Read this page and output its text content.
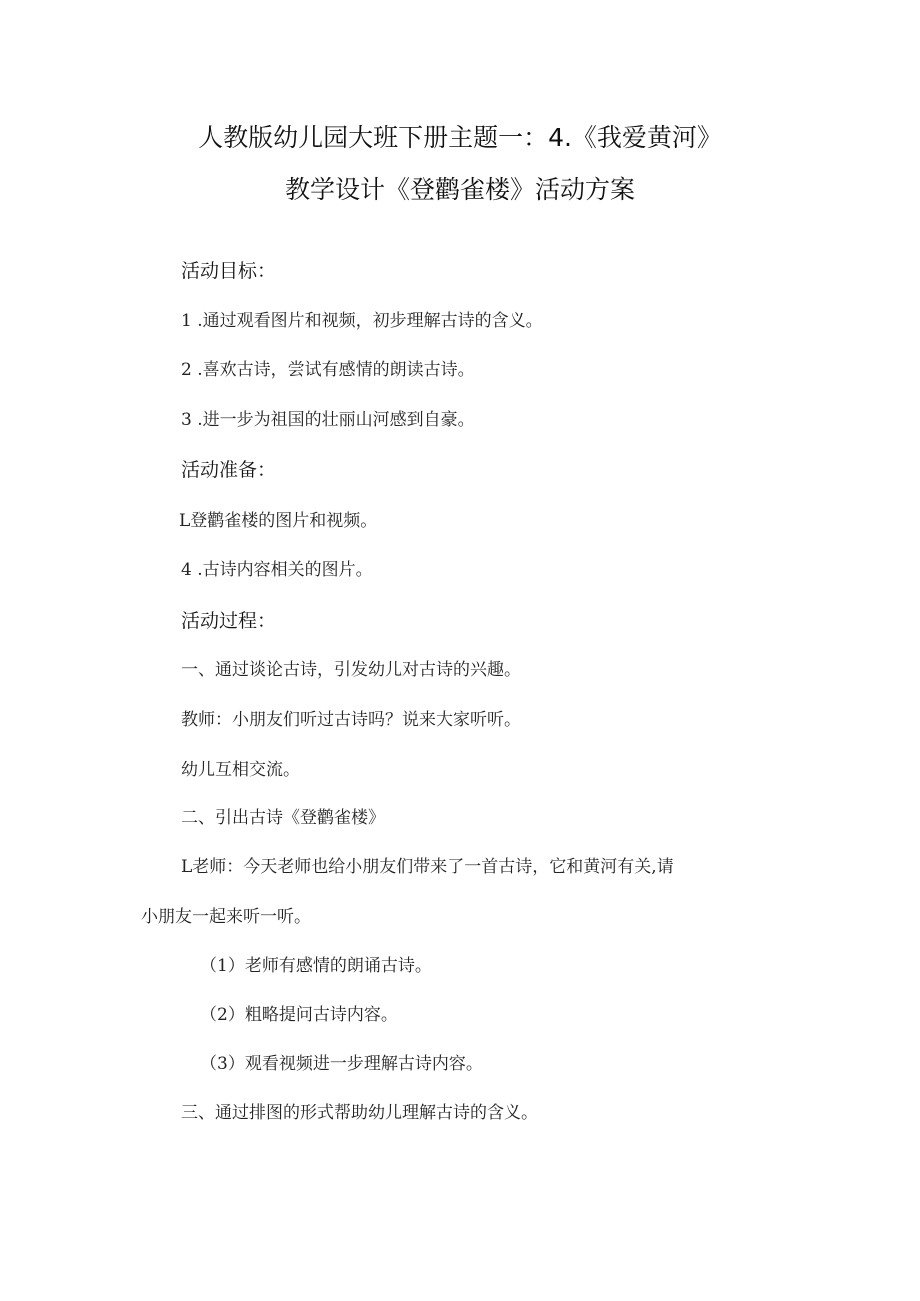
人教版幼儿园大班下册主题一：4.《我爱黄河》
教学设计《登鹳雀楼》活动方案
活动目标：
1 .通过观看图片和视频，初步理解古诗的含义。
2 .喜欢古诗，尝试有感情的朗读古诗。
3 .进一步为祖国的壮丽山河感到自豪。
活动准备：
L登鹳雀楼的图片和视频。
4 .古诗内容相关的图片。
活动过程：
一、通过谈论古诗，引发幼儿对古诗的兴趣。
教师：小朋友们听过古诗吗？说来大家听听。
幼儿互相交流。
二、引出古诗《登鹳雀楼》
L老师：今天老师也给小朋友们带来了一首古诗，它和黄河有关,请
小朋友一起来听一听。
（1）老师有感情的朗诵古诗。
（2）粗略提问古诗内容。
（3）观看视频进一步理解古诗内容。
三、通过排图的形式帮助幼儿理解古诗的含义。
